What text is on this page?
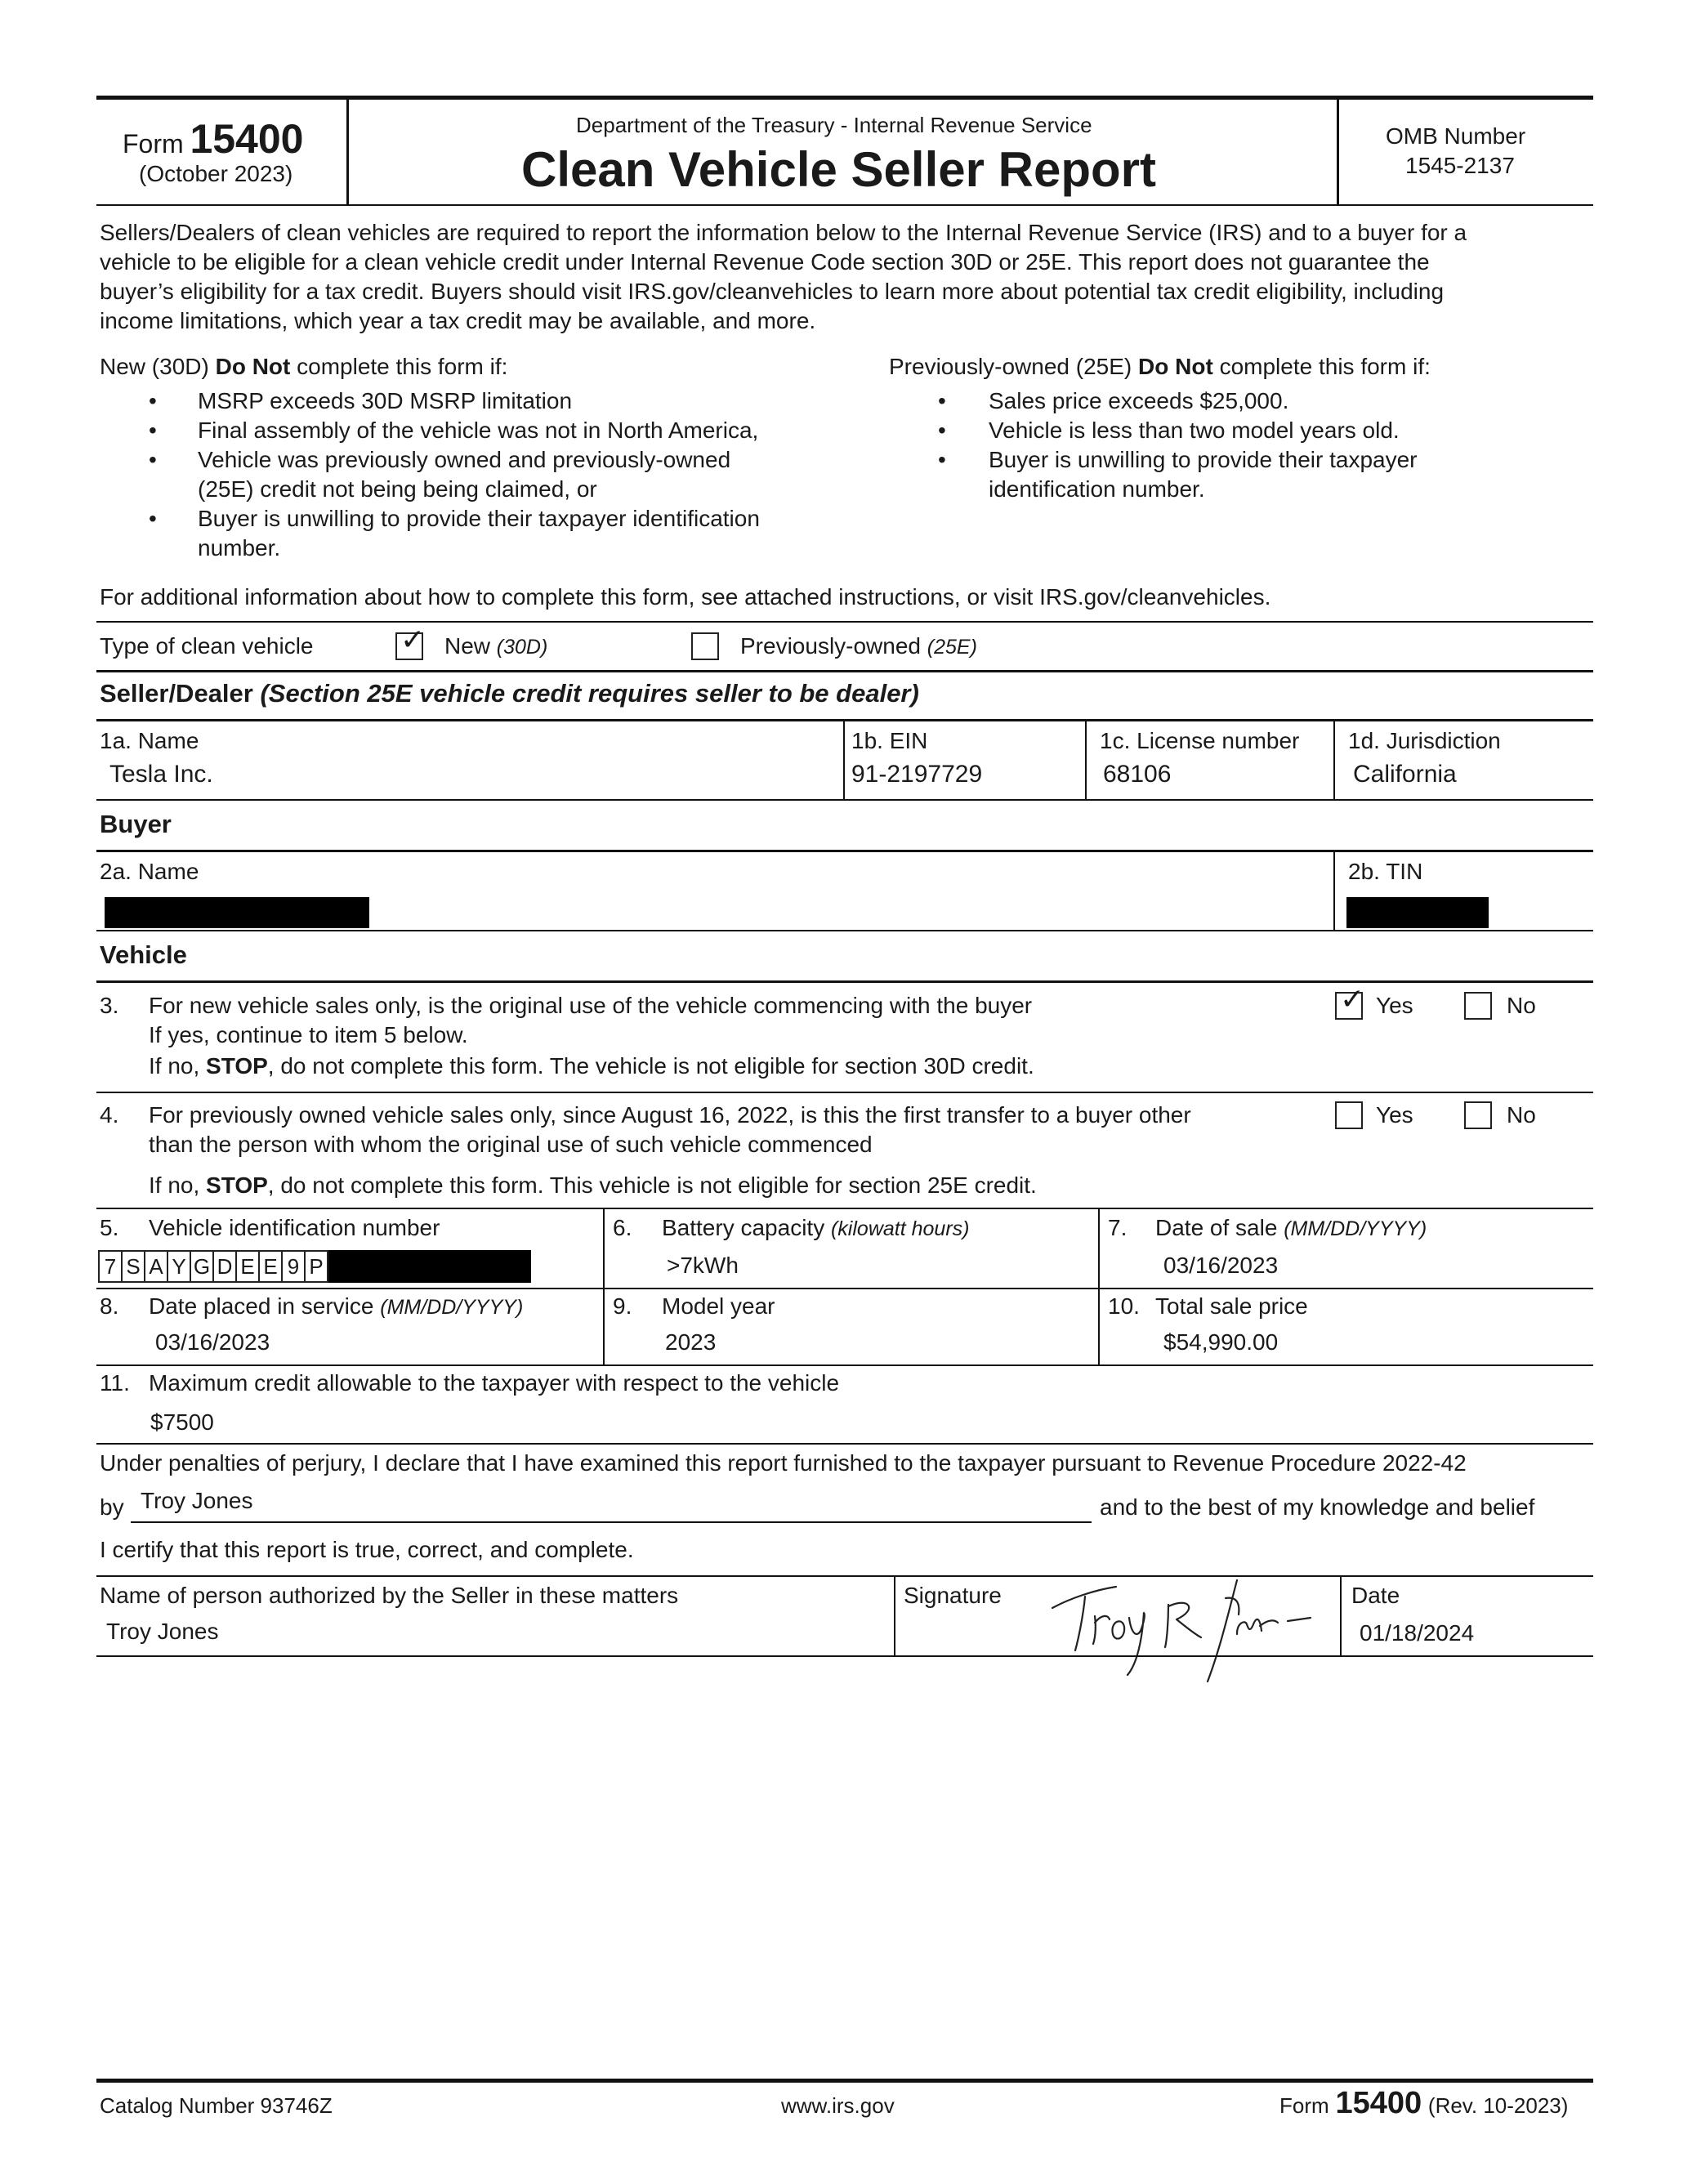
Form 15400
(October 2023)
Department of the Treasury - Internal Revenue Service
Clean Vehicle Seller Report
OMB Number
1545-2137
Sellers/Dealers of clean vehicles are required to report the information below to the Internal Revenue Service (IRS) and to a buyer for a
vehicle to be eligible for a clean vehicle credit under Internal Revenue Code section 30D or 25E. This report does not guarantee the
buyer’s eligibility for a tax credit. Buyers should visit IRS.gov/cleanvehicles to learn more about potential tax credit eligibility, including
income limitations, which year a tax credit may be available, and more.
New (30D) Do Not complete this form if:
• MSRP exceeds 30D MSRP limitation
• Final assembly of the vehicle was not in North America,
• Vehicle was previously owned and previously-owned
(25E) credit not being being claimed, or
• Buyer is unwilling to provide their taxpayer identification
number.
Previously-owned (25E) Do Not complete this form if:
• Sales price exceeds $25,000.
• Vehicle is less than two model years old.
• Buyer is unwilling to provide their taxpayer
identification number.
For additional information about how to complete this form, see attached instructions, or visit IRS.gov/cleanvehicles.
Type of clean vehicle	✓ New (30D)	Previously-owned (25E)
Seller/Dealer (Section 25E vehicle credit requires seller to be dealer)
1a. Name
Tesla Inc.
1b. EIN
91-2197729
1c. License number
68106
1d. Jurisdiction
California
Buyer
2a. Name	2b. TIN
Vehicle
3. For new vehicle sales only, is the original use of the vehicle commencing with the buyer
If yes, continue to item 5 below.
If no, STOP, do not complete this form. The vehicle is not eligible for section 30D credit.
✓ Yes	No
4. For previously owned vehicle sales only, since August 16, 2022, is this the first transfer to a buyer other
than the person with whom the original use of such vehicle commenced
If no, STOP, do not complete this form. This vehicle is not eligible for section 25E credit.
Yes	No
5. Vehicle identification number
7 S A Y G D E E 9 P
6. Battery capacity (kilowatt hours)
>7kWh
7. Date of sale (MM/DD/YYYY)
03/16/2023
8. Date placed in service (MM/DD/YYYY)
03/16/2023
9. Model year
2023
10. Total sale price
$54,990.00
11. Maximum credit allowable to the taxpayer with respect to the vehicle
$7500
Under penalties of perjury, I declare that I have examined this report furnished to the taxpayer pursuant to Revenue Procedure 2022-42
by Troy Jones	and to the best of my knowledge and belief
I certify that this report is true, correct, and complete.
Name of person authorized by the Seller in these matters
Troy Jones
Signature	Date
01/18/2024
Catalog Number 93746Z	www.irs.gov	Form 15400 (Rev. 10-2023)
